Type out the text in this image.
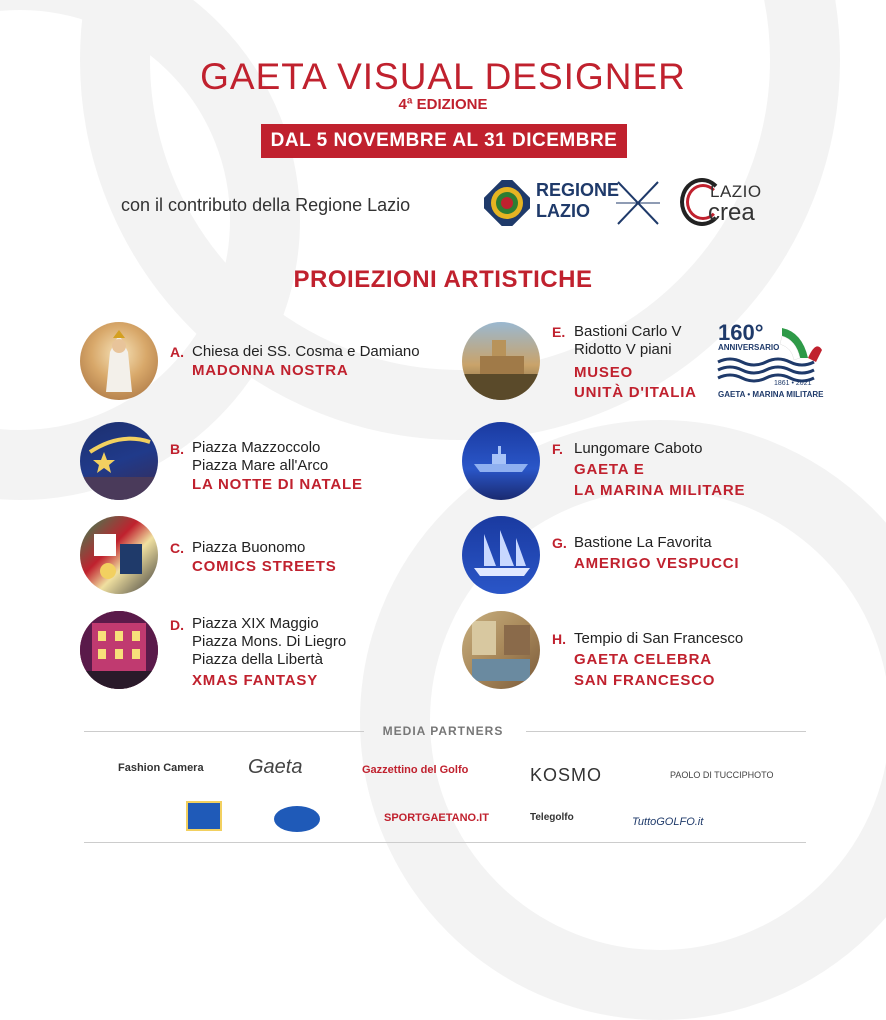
GAETA VISUAL DESIGNER
4ª EDIZIONE
DAL 5 NOVEMBRE AL 31 DICEMBRE
con il contributo della Regione Lazio
REGIONE
LAZIO
LAZIO
crea
PROIEZIONI ARTISTICHE
A. Chiesa dei SS. Cosma e Damiano
MADONNA NOSTRA
B. Piazza Mazzoccolo
Piazza Mare all'Arco
LA NOTTE DI NATALE
C. Piazza Buonomo
COMICS STREETS
D. Piazza XIX Maggio
Piazza Mons. Di Liegro
Piazza della Libertà
XMAS FANTASY
E. Bastioni Carlo V
Ridotto V piani
MUSEO
UNITÀ D'ITALIA
160°
ANNIVERSARIO
1861 • 2021
GAETA • MARINA MILITARE
F. Lungomare Caboto
GAETA E
LA MARINA MILITARE
G. Bastione La Favorita
AMERIGO VESPUCCI
H. Tempio di San Francesco
GAETA CELEBRA
SAN FRANCESCO
MEDIA PARTNERS
Fashion Camera Gaeta	Gazzettino del Golfo	KOSMO	PAOLO DI TUCCIPHOTO
SPORTGAETANO.IT	Telegolfo	TuttoGOLFO.it
